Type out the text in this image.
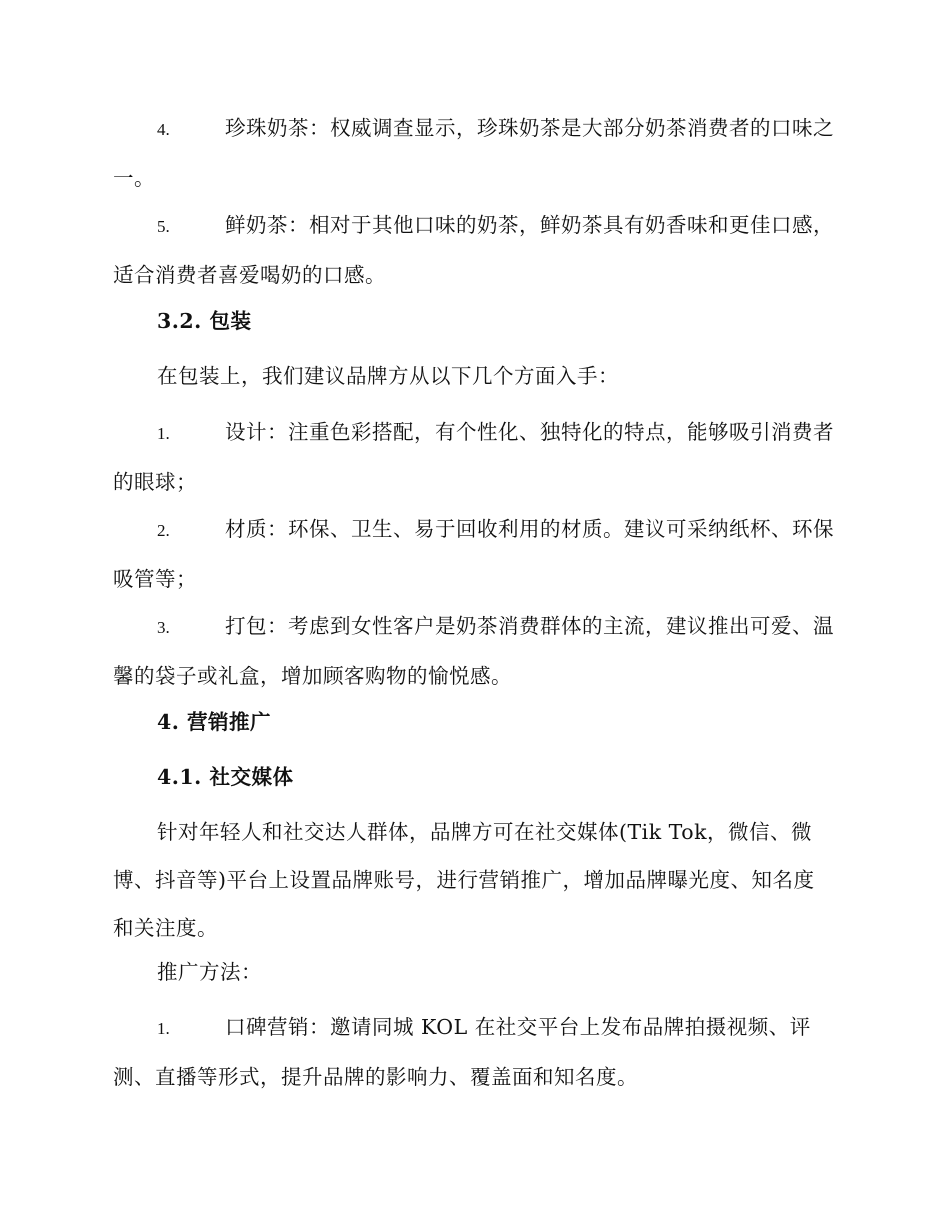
4.	珍珠奶茶：权威调查显示，珍珠奶茶是大部分奶茶消费者的口味之一。

5.	鲜奶茶：相对于其他口味的奶茶，鲜奶茶具有奶香味和更佳口感，适合消费者喜爱喝奶的口感。

3.2. 包装

在包装上，我们建议品牌方从以下几个方面入手：

1.	设计：注重色彩搭配，有个性化、独特化的特点，能够吸引消费者的眼球；

2.	材质：环保、卫生、易于回收利用的材质。建议可采纳纸杯、环保吸管等；

3.	打包：考虑到女性客户是奶茶消费群体的主流，建议推出可爱、温馨的袋子或礼盒，增加顾客购物的愉悦感。

4. 营销推广

4.1. 社交媒体

针对年轻人和社交达人群体，品牌方可在社交媒体(Tik Tok，微信、微博、抖音等)平台上设置品牌账号，进行营销推广，增加品牌曝光度、知名度和关注度。

推广方法：

1.	口碑营销：邀请同城 KOL 在社交平台上发布品牌拍摄视频、评测、直播等形式，提升品牌的影响力、覆盖面和知名度。
